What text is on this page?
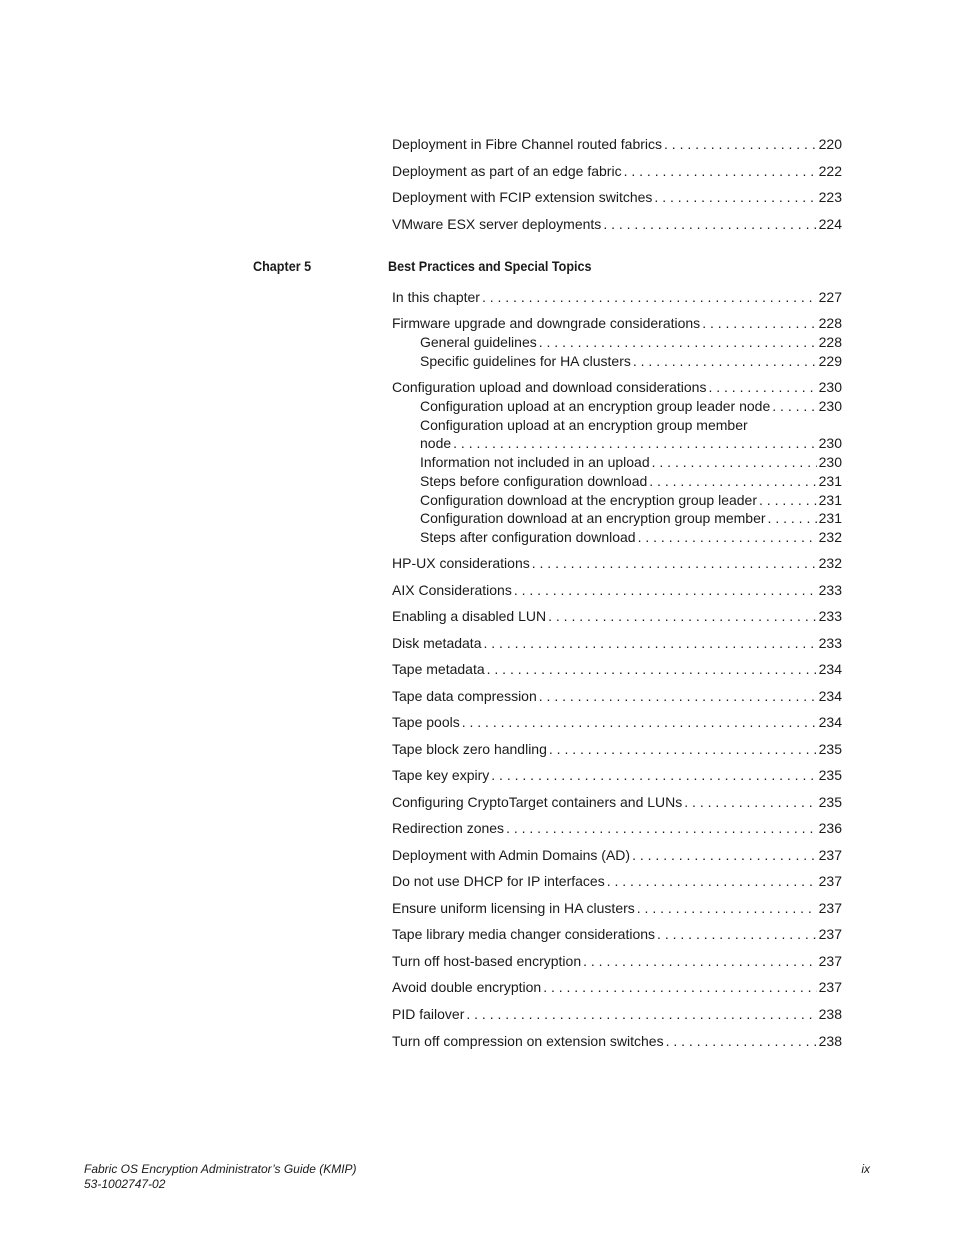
Deployment in Fibre Channel routed fabrics . . .	220
Deployment as part of an edge fabric . . .	222
Deployment with FCIP extension switches . . .	223
VMware ESX server deployments . . .	224
Chapter 5	Best Practices and Special Topics
In this chapter . . .	227
Firmware upgrade and downgrade considerations . . .	228
General guidelines . . .	228
Specific guidelines for HA clusters . . .	229
Configuration upload and download considerations . . .	230
Configuration upload at an encryption group leader node . . .	230
Configuration upload at an encryption group member
node . . .	230
Information not included in an upload . . .	230
Steps before configuration download . . .	231
Configuration download at the encryption group leader . . .	231
Configuration download at an encryption group member . . .	231
Steps after configuration download . . .	232
HP-UX considerations . . .	232
AIX Considerations . . .	233
Enabling a disabled LUN . . .	233
Disk metadata . . .	233
Tape metadata . . .	234
Tape data compression . . .	234
Tape pools . . .	234
Tape block zero handling . . .	235
Tape key expiry . . .	235
Configuring CryptoTarget containers and LUNs . . .	235
Redirection zones . . .	236
Deployment with Admin Domains (AD) . . .	237
Do not use DHCP for IP interfaces . . .	237
Ensure uniform licensing in HA clusters . . .	237
Tape library media changer considerations . . .	237
Turn off host-based encryption . . .	237
Avoid double encryption . . .	237
PID failover . . .	238
Turn off compression on extension switches . . .	238
Fabric OS Encryption Administrator’s Guide (KMIP)
53-1002747-02
ix
